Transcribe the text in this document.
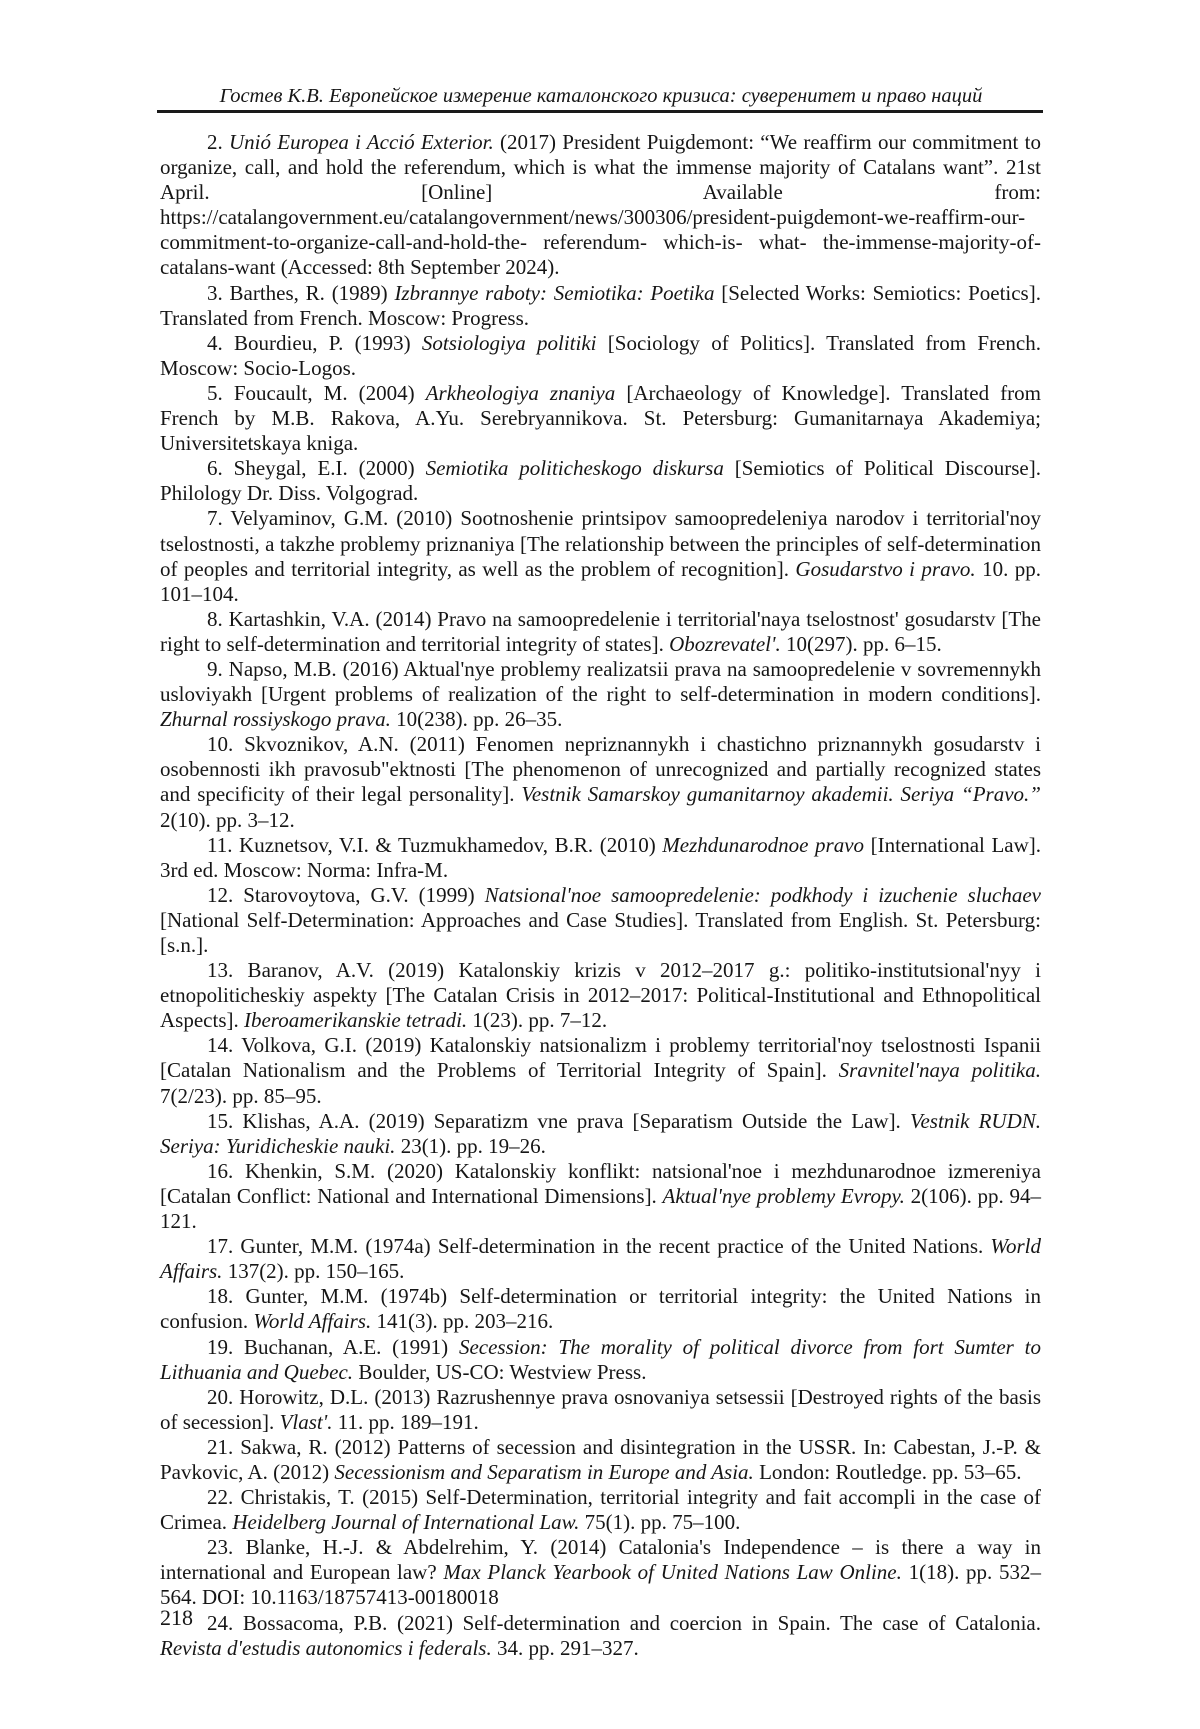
Гостев К.В. Европейское измерение каталонского кризиса: суверенитет и право наций

2. Unió Europea i Acció Exterior. (2017) President Puigdemont: “We reaffirm our commitment to organize, call, and hold the referendum, which is what the immense majority of Catalans want”. 21st April. [Online] Available from: https://catalangovernment.eu/catalangovernment/news/300306/president-puigdemont-we-reaffirm-our-commitment-to-organize-call-and-hold-the- referendum- which-is- what- the-immense-majority-of-catalans-want (Accessed: 8th September 2024).

3. Barthes, R. (1989) Izbrannye raboty: Semiotika: Poetika [Selected Works: Semiotics: Poetics]. Translated from French. Moscow: Progress.

4. Bourdieu, P. (1993) Sotsiologiya politiki [Sociology of Politics]. Translated from French. Moscow: Socio-Logos.

5. Foucault, M. (2004) Arkheologiya znaniya [Archaeology of Knowledge]. Translated from French by M.B. Rakova, A.Yu. Serebryannikova. St. Petersburg: Gumanitarnaya Akademiya; Universitetskaya kniga.

6. Sheygal, E.I. (2000) Semiotika politicheskogo diskursa [Semiotics of Political Discourse]. Philology Dr. Diss. Volgograd.

7. Velyaminov, G.M. (2010) Sootnoshenie printsipov samoopredeleniya narodov i territorial'noy tselostnosti, a takzhe problemy priznaniya [The relationship between the principles of self-determination of peoples and territorial integrity, as well as the problem of recognition]. Gosudarstvo i pravo. 10. pp. 101–104.

8. Kartashkin, V.A. (2014) Pravo na samoopredelenie i territorial'naya tselostnost' gosudarstv [The right to self-determination and territorial integrity of states]. Obozrevatel'. 10(297). pp. 6–15.

9. Napso, M.B. (2016) Aktual'nye problemy realizatsii prava na samoopredelenie v sovremennykh usloviyakh [Urgent problems of realization of the right to self-determination in modern conditions]. Zhurnal rossiyskogo prava. 10(238). pp. 26–35.

10. Skvoznikov, A.N. (2011) Fenomen nepriznannykh i chastichno priznannykh gosudarstv i osobennosti ikh pravosub"ektnosti [The phenomenon of unrecognized and partially recognized states and specificity of their legal personality]. Vestnik Samarskoy gumanitarnoy akademii. Seriya “Pravo.” 2(10). pp. 3–12.

11. Kuznetsov, V.I. & Tuzmukhamedov, B.R. (2010) Mezhdunarodnoe pravo [International Law]. 3rd ed. Moscow: Norma: Infra-M.

12. Starovoytova, G.V. (1999) Natsional'noe samoopredelenie: podkhody i izuchenie sluchaev [National Self-Determination: Approaches and Case Studies]. Translated from English. St. Petersburg: [s.n.].

13. Baranov, A.V. (2019) Katalonskiy krizis v 2012–2017 g.: politiko-institutsional'nyy i etnopoliticheskiy aspekty [The Catalan Crisis in 2012–2017: Political-Institutional and Ethnopolitical Aspects]. Iberoamerikanskie tetradi. 1(23). pp. 7–12.

14. Volkova, G.I. (2019) Katalonskiy natsionalizm i problemy territorial'noy tselostnosti Ispanii [Catalan Nationalism and the Problems of Territorial Integrity of Spain]. Sravnitel'naya politika. 7(2/23). pp. 85–95.

15. Klishas, A.A. (2019) Separatizm vne prava [Separatism Outside the Law]. Vestnik RUDN. Seriya: Yuridicheskie nauki. 23(1). pp. 19–26.

16. Khenkin, S.M. (2020) Katalonskiy konflikt: natsional'noe i mezhdunarodnoe izmereniya [Catalan Conflict: National and International Dimensions]. Aktual'nye problemy Evropy. 2(106). pp. 94–121.

17. Gunter, M.M. (1974a) Self-determination in the recent practice of the United Nations. World Affairs. 137(2). pp. 150–165.

18. Gunter, M.M. (1974b) Self-determination or territorial integrity: the United Nations in confusion. World Affairs. 141(3). pp. 203–216.

19. Buchanan, A.E. (1991) Secession: The morality of political divorce from fort Sumter to Lithuania and Quebec. Boulder, US-CO: Westview Press.

20. Horowitz, D.L. (2013) Razrushennye prava osnovaniya setsessii [Destroyed rights of the basis of secession]. Vlast'. 11. pp. 189–191.

21. Sakwa, R. (2012) Patterns of secession and disintegration in the USSR. In: Cabestan, J.-P. & Pavkovic, A. (2012) Secessionism and Separatism in Europe and Asia. London: Routledge. pp. 53–65.

22. Christakis, T. (2015) Self-Determination, territorial integrity and fait accompli in the case of Crimea. Heidelberg Journal of International Law. 75(1). pp. 75–100.

23. Blanke, H.-J. & Abdelrehim, Y. (2014) Catalonia's Independence – is there a way in international and European law? Max Planck Yearbook of United Nations Law Online. 1(18). pp. 532–564. DOI: 10.1163/18757413-00180018

24. Bossacoma, P.B. (2021) Self-determination and coercion in Spain. The case of Catalonia. Revista d'estudis autonomics i federals. 34. pp. 291–327.

218
